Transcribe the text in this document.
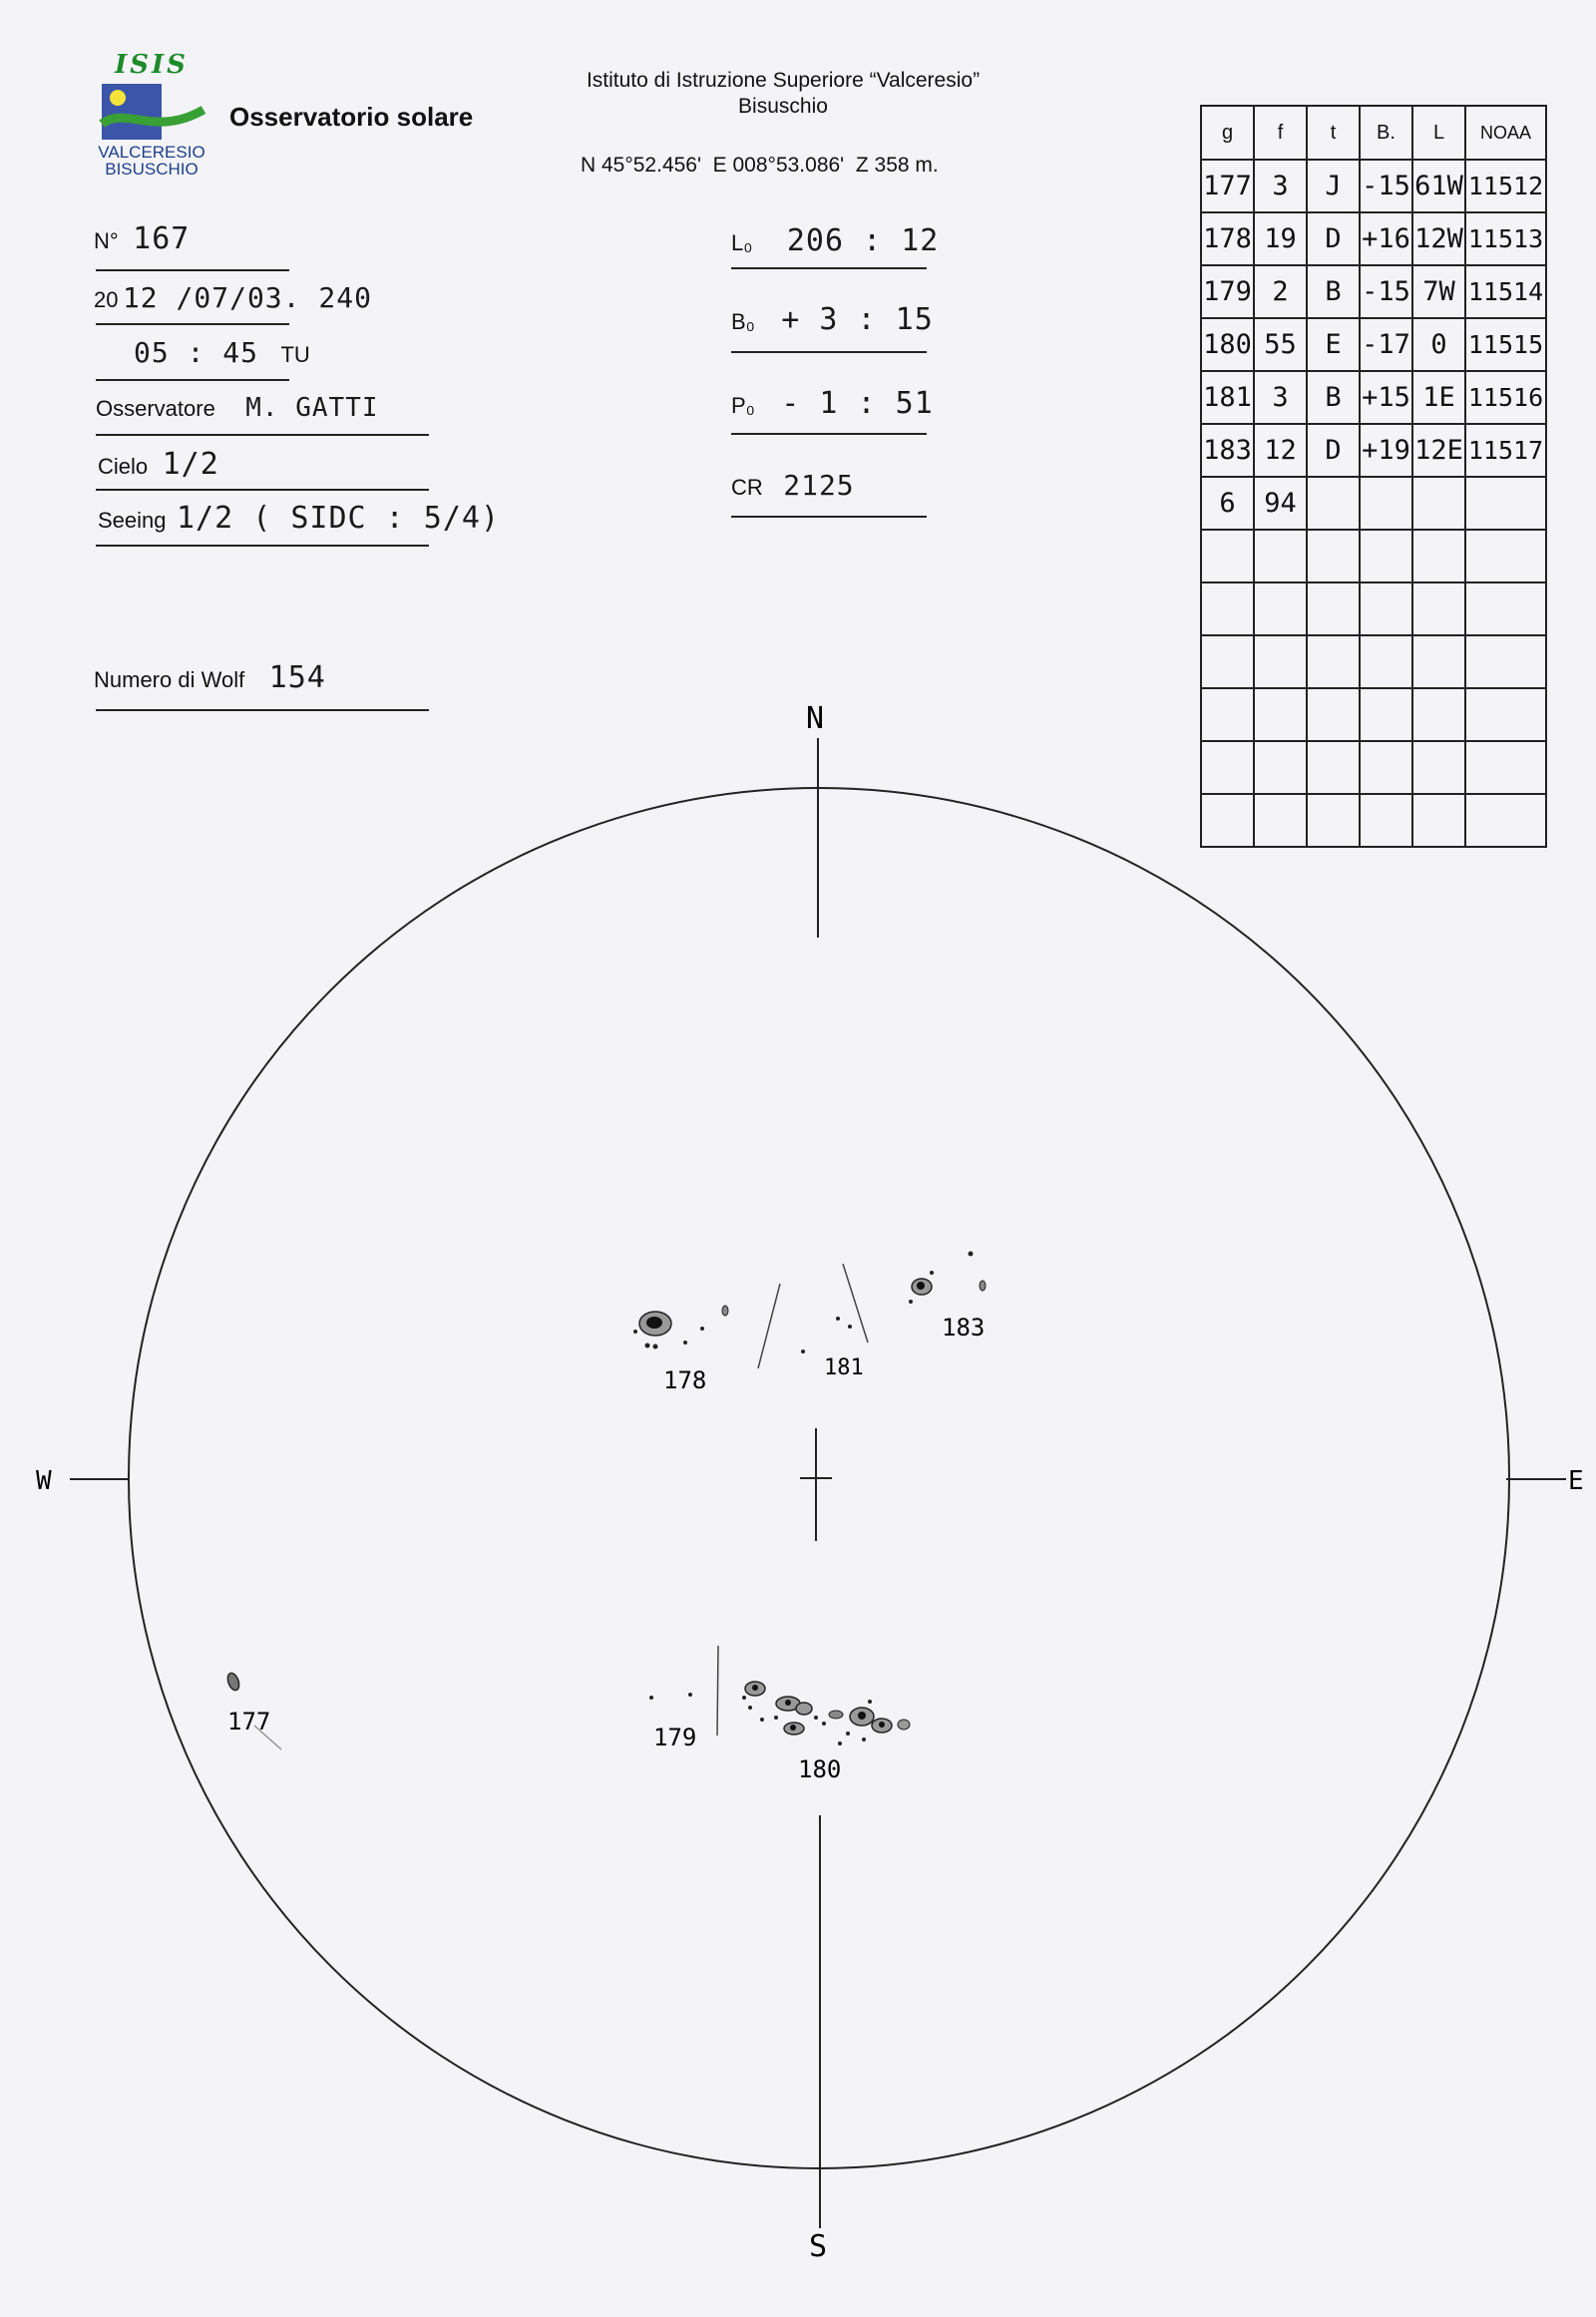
ISIS
VALCERESIO
BISUSCHIO
Osservatorio solare
Istituto di Istruzione Superiore “Valceresio”
Bisuschio
N 45°52.456'  E 008°53.086'  Z 358 m.
N° 167
20 12 /07/03. 240
05 : 45 TU
Osservatore M. GATTI
Cielo 1/2
Seeing 1/2 ( SIDC : 5/4)
Numero di Wolf 154
L₀ 206 : 12
B₀ + 3 : 15
P₀ - 1 : 51
CR 2125
g	f	t	B.	L	NOAA
177	3	J	-15	61W	11512
178	19	D	+16	12W	11513
179	2	B	-15	7W	11514
180	55	E	-17	0	11515
181	3	B	+15	1E	11516
183	12	D	+19	12E	11517
6	94				

N
S
W	E
177
178	181
183
179
180
